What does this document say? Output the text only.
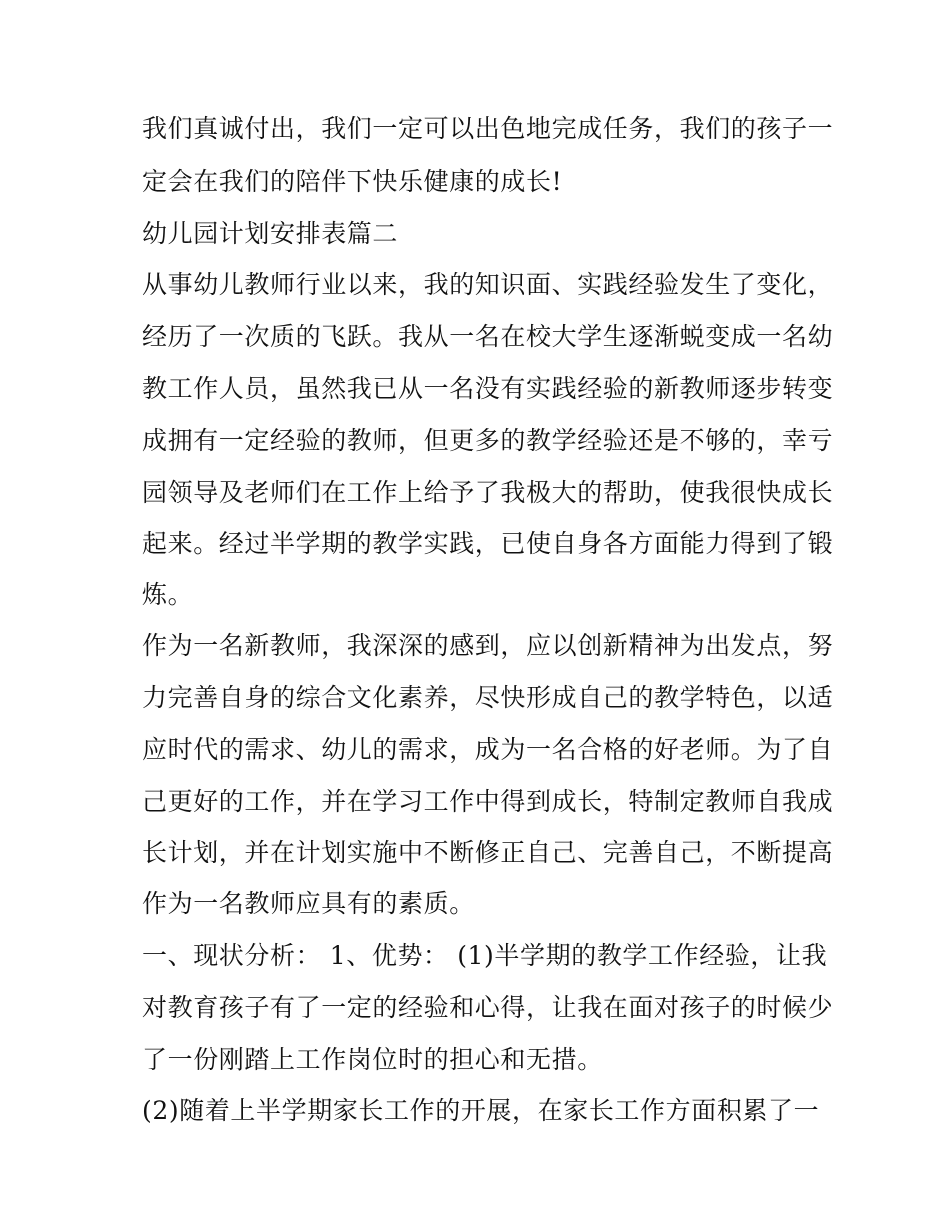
我们真诚付出，我们一定可以出色地完成任务，我们的孩子一

定会在我们的陪伴下快乐健康的成长!

幼儿园计划安排表篇二

从事幼儿教师行业以来，我的知识面、实践经验发生了变化，

经历了一次质的飞跃。我从一名在校大学生逐渐蜕变成一名幼

教工作人员，虽然我已从一名没有实践经验的新教师逐步转变

成拥有一定经验的教师，但更多的教学经验还是不够的，幸亏

园领导及老师们在工作上给予了我极大的帮助，使我很快成长

起来。经过半学期的教学实践，已使自身各方面能力得到了锻

炼。

作为一名新教师，我深深的感到，应以创新精神为出发点，努

力完善自身的综合文化素养，尽快形成自己的教学特色，以适

应时代的需求、幼儿的需求，成为一名合格的好老师。为了自

己更好的工作，并在学习工作中得到成长，特制定教师自我成

长计划，并在计划实施中不断修正自己、完善自己，不断提高

作为一名教师应具有的素质。

一、现状分析： 1、优势： (1)半学期的教学工作经验，让我

对教育孩子有了一定的经验和心得，让我在面对孩子的时候少

了一份刚踏上工作岗位时的担心和无措。

(2)随着上半学期家长工作的开展，在家长工作方面积累了一
